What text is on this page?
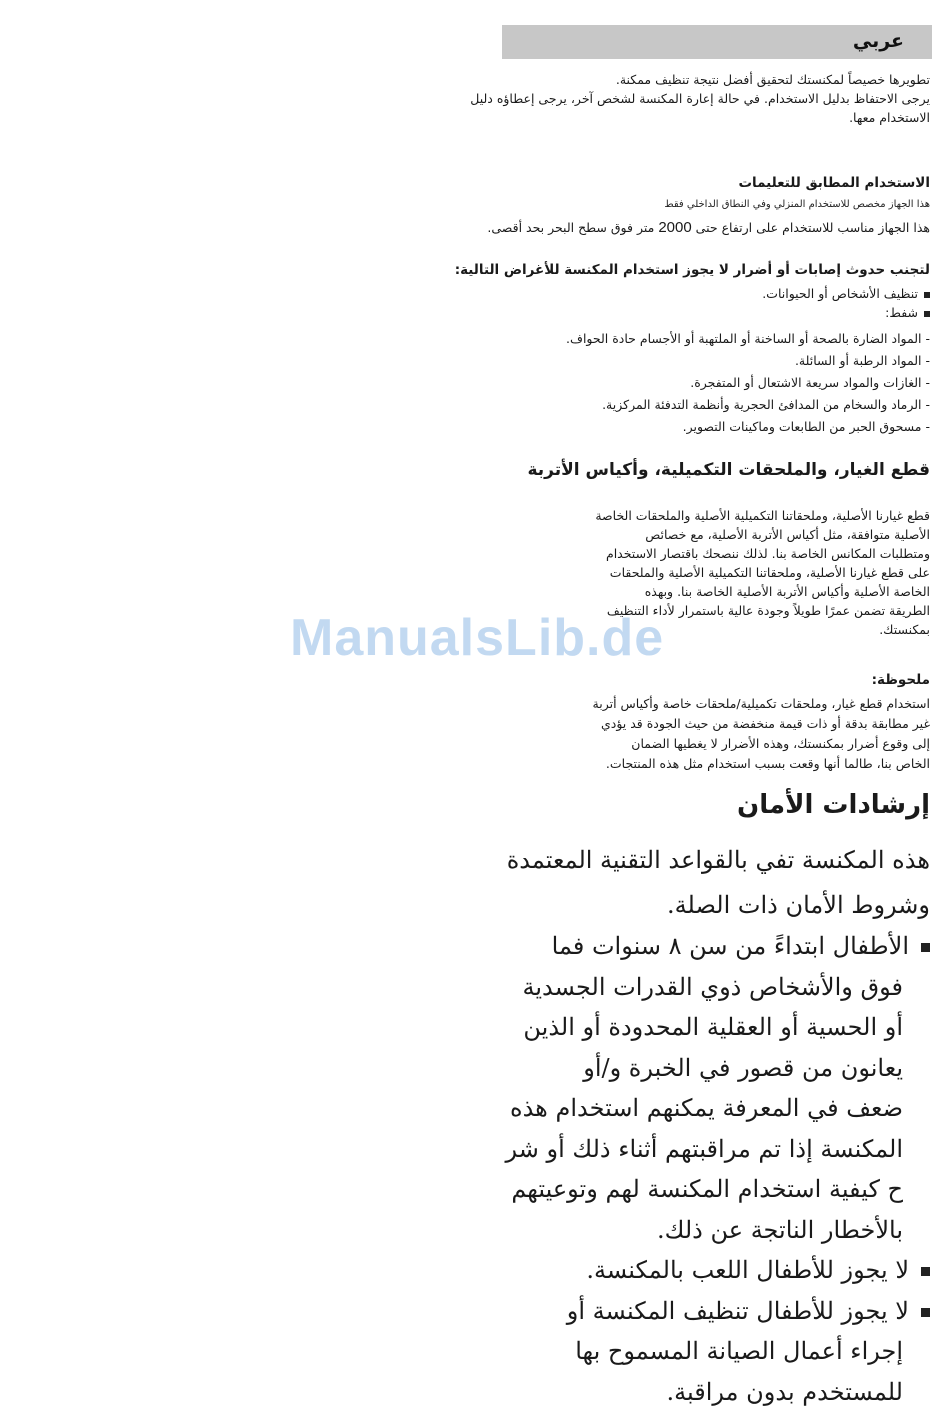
عربي
تطويرها خصيصاً لمكنستك لتحقيق أفضل نتيجة تنظيف ممكنة.
يرجى الاحتفاظ بدليل الاستخدام. في حالة إعارة المكنسة لشخص آخر، يرجى إعطاؤه دليل
الاستخدام معها.
الاستخدام المطابق للتعليمات
هذا الجهاز مخصص للاستخدام المنزلي وفي النطاق الداخلي فقط
هذا الجهاز مناسب للاستخدام على ارتفاع حتى 2000 متر فوق سطح البحر بحد أقصى.
لتجنب حدوث إصابات أو أضرار لا يجوز استخدام المكنسة للأغراض التالية:
تنظيف الأشخاص أو الحيوانات.
شفط:
- المواد الضارة بالصحة أو الساخنة أو الملتهبة أو الأجسام حادة الحواف.
- المواد الرطبة أو السائلة.
- الغازات والمواد سريعة الاشتعال أو المتفجرة.
- الرماد والسخام من المدافئ الحجرية وأنظمة التدفئة المركزية.
- مسحوق الحبر من الطابعات وماكينات التصوير.
قطع الغيار، والملحقات التكميلية، وأكياس الأتربة
قطع غيارنا الأصلية، وملحقاتنا التكميلية الأصلية والملحقات الخاصة
الأصلية متوافقة، مثل أكياس الأتربة الأصلية، مع خصائص
ومتطلبات المكانس الخاصة بنا. لذلك ننصحك باقتصار الاستخدام
على قطع غيارنا الأصلية، وملحقاتنا التكميلية الأصلية والملحقات
الخاصة الأصلية وأكياس الأتربة الأصلية الخاصة بنا. وبهذه
الطريقة تضمن عمرًا طويلاً وجودة عالية باستمرار لأداء التنظيف
بمكنستك.
ملحوظة:
استخدام قطع غيار، وملحقات تكميلية/ملحقات خاصة وأكياس أتربة
غير مطابقة بدقة أو ذات قيمة منخفضة من حيث الجودة قد يؤدي
إلى وقوع أضرار بمكنستك، وهذه الأضرار لا يغطيها الضمان
الخاص بنا، طالما أنها وقعت بسبب استخدام مثل هذه المنتجات.
إرشادات الأمان
هذه المكنسة تفي بالقواعد التقنية المعتمدة
وشروط الأمان ذات الصلة.
الأطفال ابتداءً من سن ٨ سنوات فما
فوق والأشخاص ذوي القدرات الجسدية
أو الحسية أو العقلية المحدودة أو الذين
يعانون من قصور في الخبرة و/أو
ضعف في المعرفة يمكنهم استخدام هذه
المكنسة إذا تم مراقبتهم أثناء ذلك أو شر
ح كيفية استخدام المكنسة لهم وتوعيتهم
بالأخطار الناتجة عن ذلك.
لا يجوز للأطفال اللعب بالمكنسة.
لا يجوز للأطفال تنظيف المكنسة أو
إجراء أعمال الصيانة المسموح بها
للمستخدم بدون مراقبة.
ManualsLib.de
